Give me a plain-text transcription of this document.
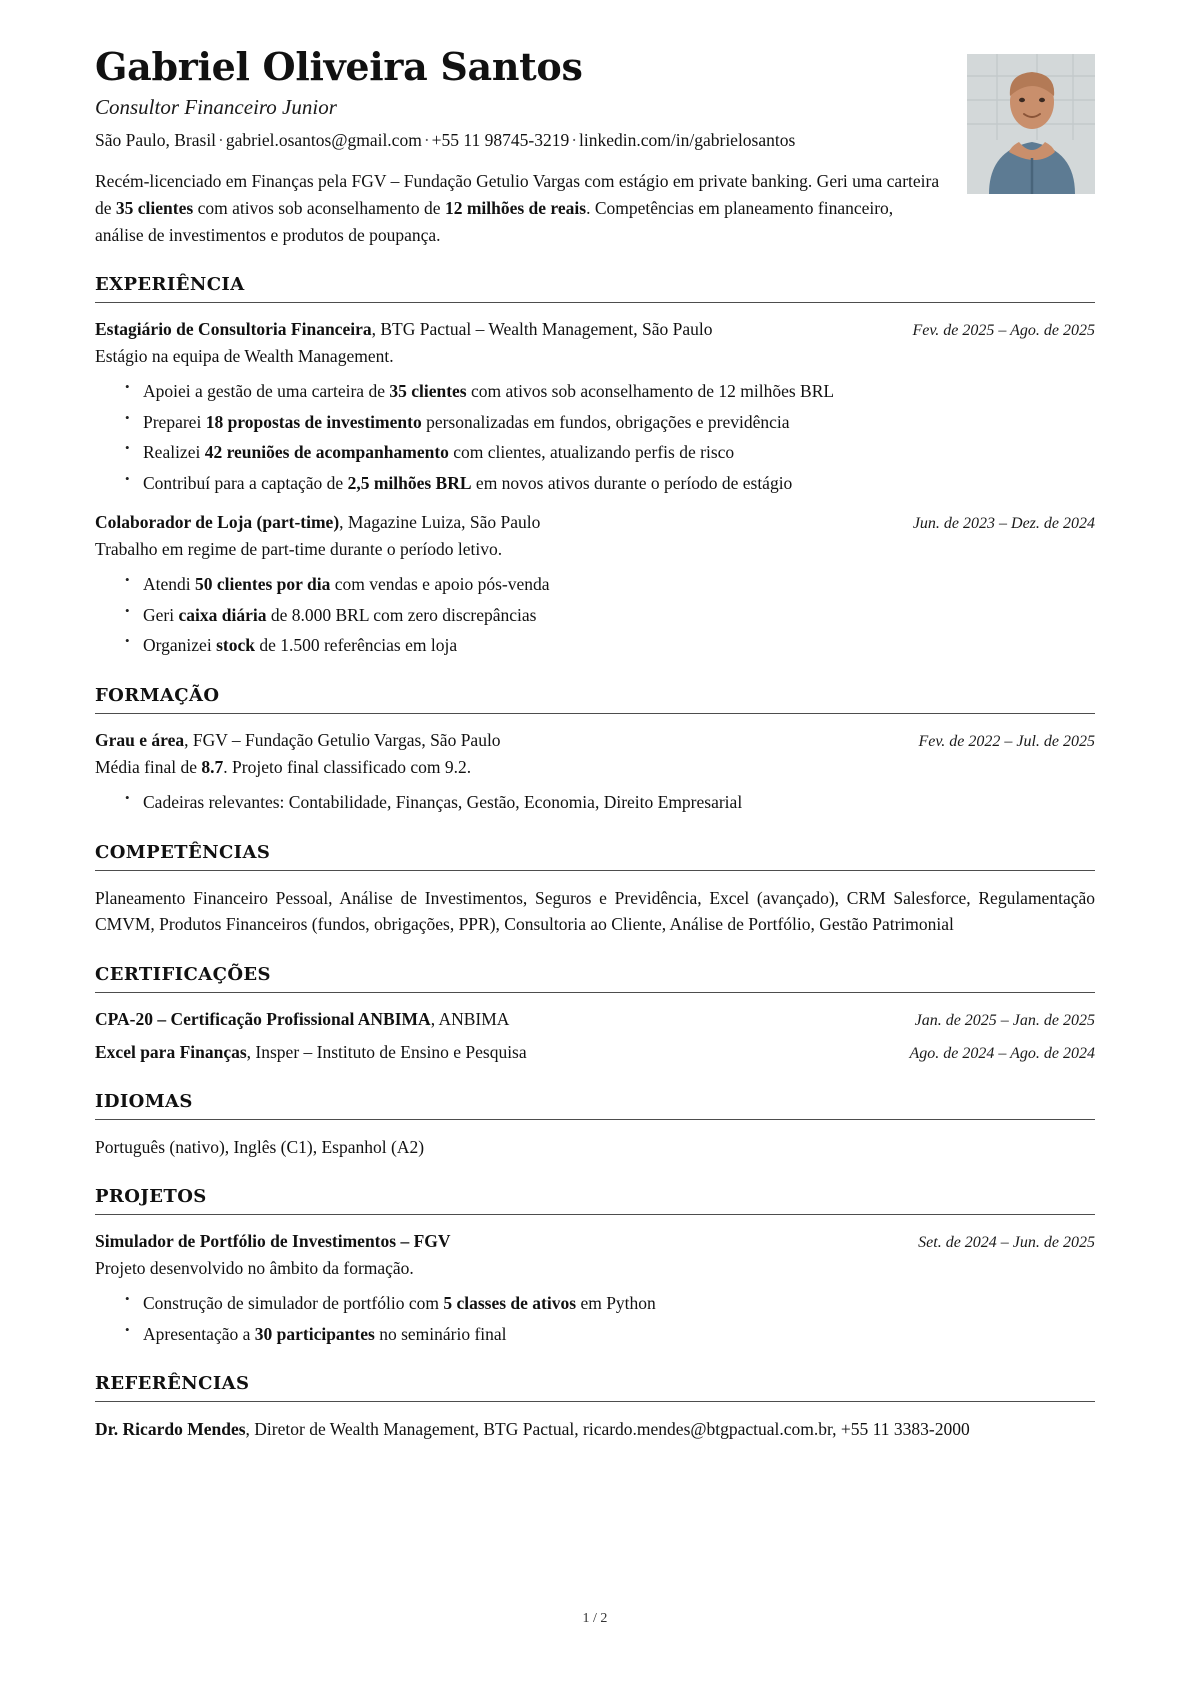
Gabriel Oliveira Santos
Consultor Financeiro Junior
São Paulo, Brasil · gabriel.osantos@gmail.com · +55 11 98745-3219 · linkedin.com/in/gabrielosantos

Recém-licenciado em Finanças pela FGV – Fundação Getulio Vargas com estágio em private banking. Geri uma carteira de 35 clientes com ativos sob aconselhamento de 12 milhões de reais. Competências em planeamento financeiro, análise de investimentos e produtos de poupança.

EXPERIÊNCIA
Estagiário de Consultoria Financeira, BTG Pactual – Wealth Management, São Paulo	Fev. de 2025 – Ago. de 2025
Estágio na equipa de Wealth Management.
• Apoiei a gestão de uma carteira de 35 clientes com ativos sob aconselhamento de 12 milhões BRL
• Preparei 18 propostas de investimento personalizadas em fundos, obrigações e previdência
• Realizei 42 reuniões de acompanhamento com clientes, atualizando perfis de risco
• Contribuí para a captação de 2,5 milhões BRL em novos ativos durante o período de estágio
Colaborador de Loja (part-time), Magazine Luiza, São Paulo	Jun. de 2023 – Dez. de 2024
Trabalho em regime de part-time durante o período letivo.
• Atendi 50 clientes por dia com vendas e apoio pós-venda
• Geri caixa diária de 8.000 BRL com zero discrepâncias
• Organizei stock de 1.500 referências em loja
FORMAÇÃO
Grau e área, FGV – Fundação Getulio Vargas, São Paulo	Fev. de 2022 – Jul. de 2025
Média final de 8.7. Projeto final classificado com 9.2.
• Cadeiras relevantes: Contabilidade, Finanças, Gestão, Economia, Direito Empresarial
COMPETÊNCIAS

Planeamento Financeiro Pessoal, Análise de Investimentos, Seguros e Previdência, Excel (avançado), CRM Salesforce, Regulamentação CMVM, Produtos Financeiros (fundos, obrigações, PPR), Consultoria ao Cliente, Análise de Portfólio, Gestão Patrimonial

CERTIFICAÇÕES
CPA-20 – Certificação Profissional ANBIMA, ANBIMA	Jan. de 2025 – Jan. de 2025
Excel para Finanças, Insper – Instituto de Ensino e Pesquisa	Ago. de 2024 – Ago. de 2024
IDIOMAS

Português (nativo), Inglês (C1), Espanhol (A2)

PROJETOS
Simulador de Portfólio de Investimentos – FGV	Set. de 2024 – Jun. de 2025
Projeto desenvolvido no âmbito da formação.
• Construção de simulador de portfólio com 5 classes de ativos em Python
• Apresentação a 30 participantes no seminário final
REFERÊNCIAS

Dr. Ricardo Mendes, Diretor de Wealth Management, BTG Pactual, ricardo.mendes@btgpactual.com.br, +55 11 3383-2000

1 / 2
